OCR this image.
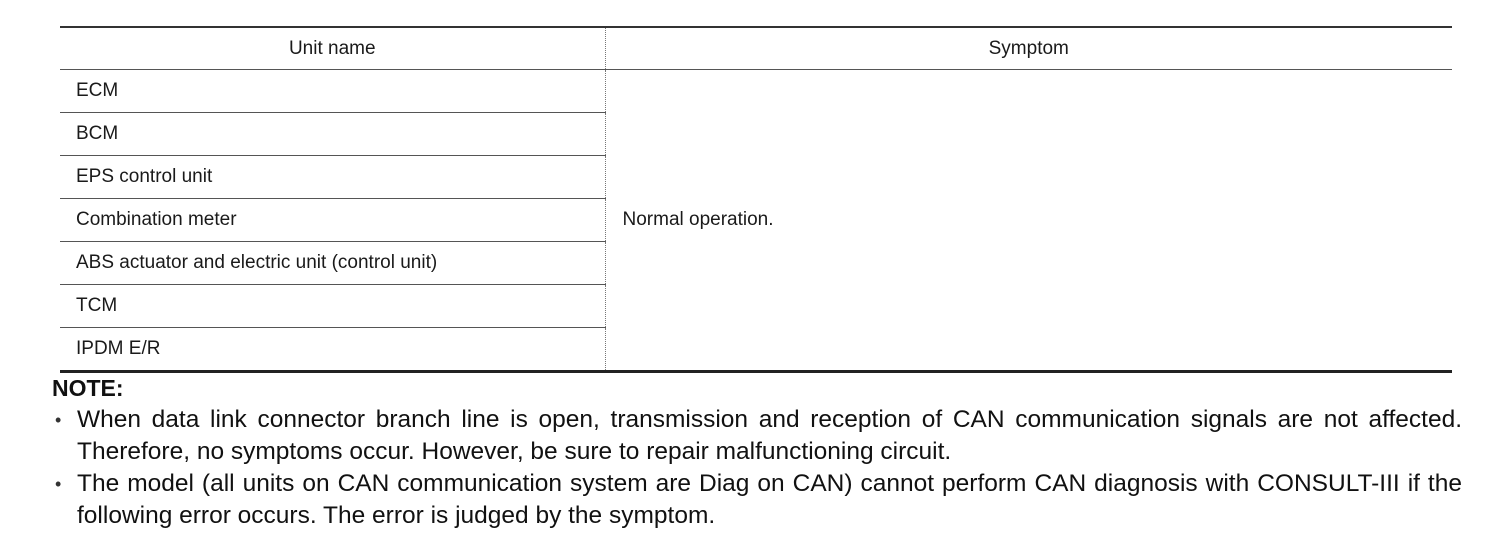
Unit name	Symptom
ECM	Normal operation.
BCM	
EPS control unit	
Combination meter	
ABS actuator and electric unit (control unit)	
TCM	
IPDM E/R	
NOTE:
• When data link connector branch line is open, transmission and reception of CAN communication signals are not affected. Therefore, no symptoms occur. However, be sure to repair malfunctioning circuit.
• The model (all units on CAN communication system are Diag on CAN) cannot perform CAN diagnosis with CONSULT-III if the following error occurs. The error is judged by the symptom.
